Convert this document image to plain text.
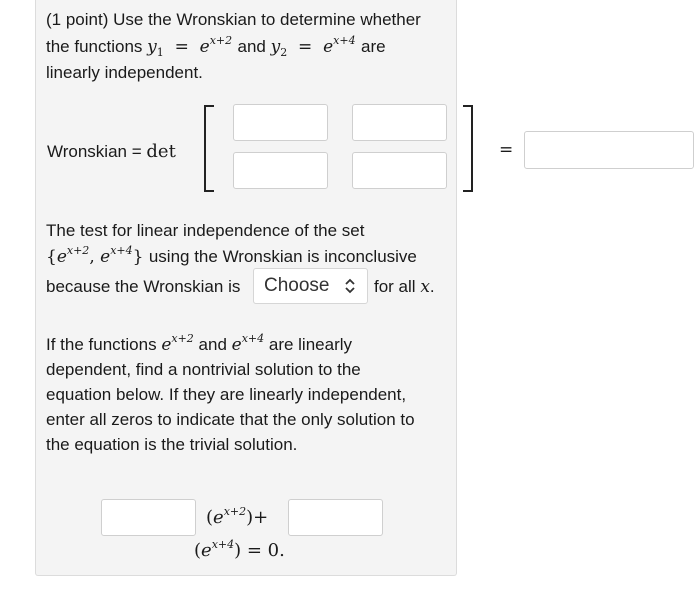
(1 point) Use the Wronskian to determine whether
the functions $y_1 = e^{x+2}$ and $y_2 = e^{x+4}$ are
linearly independent.
Wronskian = det	=
The test for linear independence of the set
{$e^{x+2}$, $e^{x+4}$} using the Wronskian is inconclusive
because the Wronskian is	Choose	for all x.
If the functions $e^{x+2}$ and $e^{x+4}$ are linearly
dependent, find a nontrivial solution to the
equation below. If they are linearly independent,
enter all zeros to indicate that the only solution to
the equation is the trivial solution.
$(e^{x+2})+$
$(e^{x+4}) = 0$.
